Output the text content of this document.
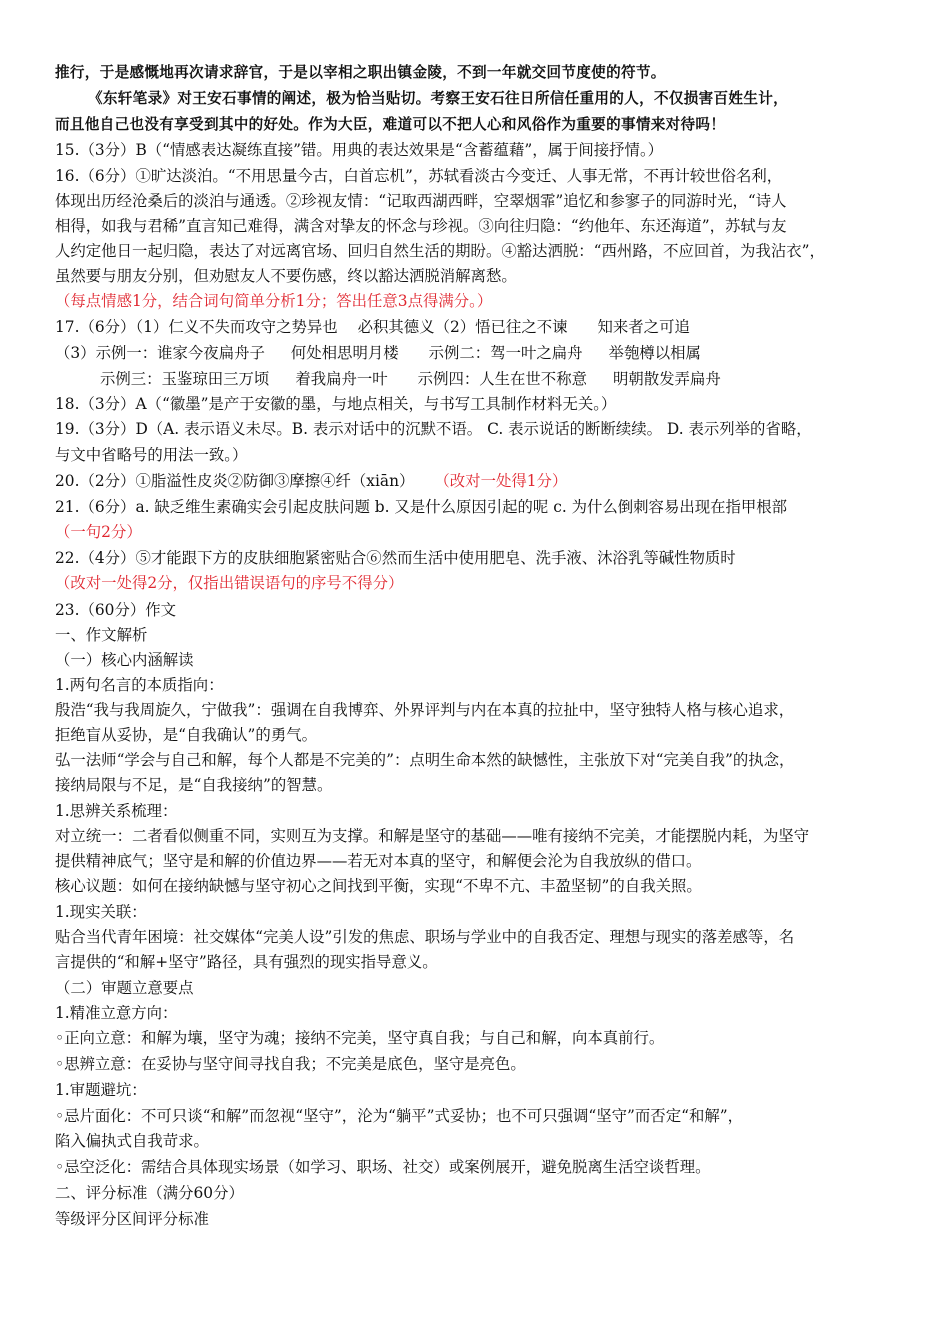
推行，于是感慨地再次请求辞官，于是以宰相之职出镇金陵，不到一年就交回节度使的符节。
《东轩笔录》对王安石事情的阐述，极为恰当贴切。考察王安石往日所信任重用的人，不仅损害百姓生计，
而且他自己也没有享受到其中的好处。作为大臣，难道可以不把人心和风俗作为重要的事情来对待吗！
15.（3分）B（“情感表达凝练直接”错。用典的表达效果是“含蓄蕴藉”，属于间接抒情。）
16.（6分）①旷达淡泊。“不用思量今古，白首忘机”，苏轼看淡古今变迁、人事无常，不再计较世俗名利，
体现出历经沧桑后的淡泊与通透。②珍视友情：“记取西湖西畔，空翠烟霏”追忆和参寥子的同游时光，“诗人
相得，如我与君稀”直言知己难得，满含对挚友的怀念与珍视。③向往归隐：“约他年、东还海道”，苏轼与友
人约定他日一起归隐，表达了对远离官场、回归自然生活的期盼。④豁达洒脱：“西州路，不应回首，为我沾衣”，
虽然要与朋友分别，但劝慰友人不要伤感，终以豁达洒脱消解离愁。
（每点情感1分，结合词句简单分析1分；答出任意3点得满分。）
17.（6分）（1）仁义不失而攻守之势异也 必积其德义（2）悟已往之不谏 知来者之可追
（3）示例一：谁家今夜扁舟子 何处相思明月楼 示例二：驾一叶之扁舟 举匏樽以相属
示例三：玉鉴琼田三万顷 着我扁舟一叶 示例四：人生在世不称意 明朝散发弄扁舟
18.（3分）A（“徽墨”是产于安徽的墨，与地点相关，与书写工具制作材料无关。）
19.（3分）D（A. 表示语义未尽。B. 表示对话中的沉默不语。 C. 表示说话的断断续续。 D. 表示列举的省略，
与文中省略号的用法一致。）
20.（2分）①脂溢性皮炎②防御③摩擦④纤（xiān） （改对一处得1分）
21.（6分）a. 缺乏维生素确实会引起皮肤问题 b. 又是什么原因引起的呢 c. 为什么倒刺容易出现在指甲根部
（一句2分）
22.（4分）⑤才能跟下方的皮肤细胞紧密贴合⑥然而生活中使用肥皂、洗手液、沐浴乳等碱性物质时
（改对一处得2分，仅指出错误语句的序号不得分）
23.（60分）作文
一、作文解析
（一）核心内涵解读
1.两句名言的本质指向：
殷浩“我与我周旋久，宁做我”：强调在自我博弈、外界评判与内在本真的拉扯中，坚守独特人格与核心追求，
拒绝盲从妥协，是“自我确认”的勇气。
弘一法师“学会与自己和解，每个人都是不完美的”：点明生命本然的缺憾性，主张放下对“完美自我”的执念，
接纳局限与不足，是“自我接纳”的智慧。
1.思辨关系梳理：
对立统一：二者看似侧重不同，实则互为支撑。和解是坚守的基础——唯有接纳不完美，才能摆脱内耗，为坚守
提供精神底气；坚守是和解的价值边界——若无对本真的坚守，和解便会沦为自我放纵的借口。
核心议题：如何在接纳缺憾与坚守初心之间找到平衡，实现“不卑不亢、丰盈坚韧”的自我关照。
1.现实关联：
贴合当代青年困境：社交媒体“完美人设”引发的焦虑、职场与学业中的自我否定、理想与现实的落差感等，名
言提供的“和解+坚守”路径，具有强烈的现实指导意义。
（二）审题立意要点
1.精准立意方向：
◦正向立意：和解为壤，坚守为魂；接纳不完美，坚守真自我；与自己和解，向本真前行。
◦思辨立意：在妥协与坚守间寻找自我；不完美是底色，坚守是亮色。
1.审题避坑：
◦忌片面化：不可只谈“和解”而忽视“坚守”，沦为“躺平”式妥协；也不可只强调“坚守”而否定“和解”，
陷入偏执式自我苛求。
◦忌空泛化：需结合具体现实场景（如学习、职场、社交）或案例展开，避免脱离生活空谈哲理。
二、评分标准（满分60分）
等级评分区间评分标准
